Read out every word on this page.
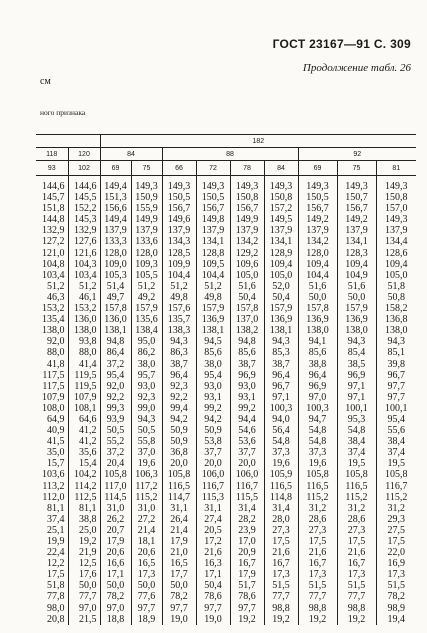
ГОСТ 23167—91 С. 309
Продолжение табл. 26
см
ного признака
		182								
118	120	84		88				92		
93	102	69	75	66	72	78	84	69	75	81
144,6	144,6	149,4	149,3	149,3	149,3	149,3	149,3	149,3	149,3	149,3
145,7	145,5	151,3	150,9	150,5	150,5	150,8	150,8	150,5	150,7	150,8
151,8	152,2	156,6	155,9	156,7	156,7	156,7	157,2	156,7	156,7	157,0
144,8	145,3	149,4	149,9	149,6	149,8	149,9	149,5	149,2	149,2	149,3
132,9	132,9	137,9	137,9	137,9	137,9	137,9	137,9	137,9	137,9	137,9
127,2	127,6	133,3	133,6	134,3	134,1	134,2	134,1	134,2	134,1	134,4
121,0	121,6	128,0	128,0	128,5	128,8	129,2	128,9	128,0	128,3	128,6
104,8	104,3	109,0	109,3	109,9	109,5	109,6	109,4	109,4	109,4	109,4
103,4	103,4	105,3	105,5	104,4	104,4	105,0	105,0	104,4	104,9	105,0
51,2	51,2	51,4	51,2	51,2	51,2	51,6	52,0	51,6	51,6	51,8
46,3	46,1	49,7	49,2	49,8	49,8	50,4	50,4	50,0	50,0	50,8
153,2	153,2	157,8	157,9	157,6	157,9	157,8	157,9	157,8	157,9	158,2
135,4	136,0	136,0	135,6	135,7	136,9	137,0	136,9	136,9	136,9	136,8
138,0	138,0	138,1	138,4	138,3	138,1	138,2	138,1	138,0	138,0	138,0
92,0	93,8	94,8	95,0	94,3	94,5	94,8	94,3	94,1	94,3	94,3
88,0	88,0	86,4	86,2	86,3	85,6	85,6	85,3	85,6	85,4	85,1
41,8	41,4	37,2	38,0	38,7	38,0	38,7	38,7	38,8	38,5	39,8
117,5	119,5	95,4	95,7	96,4	95,4	96,9	96,4	96,4	96,9	96,7
117,5	119,5	92,0	93,0	92,3	93,0	93,0	96,7	96,9	97,1	97,7
107,9	107,9	92,2	92,3	92,2	93,1	93,1	97,1	97,0	97,1	97,7
108,0	108,1	99,3	99,0	99,4	99,2	99,2	100,3	100,3	100,1	100,1
64,9	64,6	93,9	94,3	94,2	94,2	94,4	94,0	94,7	95,3	95,4
40,9	41,2	50,5	50,5	50,9	50,9	54,6	56,4	54,8	54,8	55,6
41,5	41,2	55,2	55,8	50,9	53,8	53,6	54,8	54,8	38,4	38,4
35,0	35,6	37,2	37,0	36,8	37,7	37,7	37,3	37,3	37,4	37,4
15,7	15,4	20,4	19,6	20,0	20,0	20,0	19,6	19,6	19,5	19,5
103,6	104,2	105,8	106,3	105,8	106,0	106,0	105,9	105,8	105,8	105,8
113,2	114,2	117,0	117,2	116,5	116,7	116,7	116,5	116,5	116,5	116,7
112,0	112,5	114,5	115,2	114,7	115,3	115,5	114,8	115,2	115,2	115,2
81,1	81,1	31,0	31,0	31,1	31,1	31,4	31,4	31,2	31,2	31,2
37,4	38,8	26,2	27,2	26,4	27,4	28,2	28,0	28,6	28,6	29,3
25,1	25,0	20,7	21,4	21,4	20,5	23,9	27,3	27,3	27,3	27,5
19,9	19,2	17,9	18,1	17,9	17,2	17,0	17,5	17,5	17,5	17,5
22,4	21,9	20,6	20,6	21,0	21,6	20,9	21,6	21,6	21,6	22,0
12,2	12,5	16,6	16,5	16,5	16,3	16,7	16,7	16,7	16,7	16,9
17,5	17,6	17,1	17,3	17,7	17,1	17,9	17,3	17,3	17,3	17,3
51,8	50,0	50,0	50,0	50,0	50,4	51,7	51,5	51,5	51,5	51,5
77,8	77,7	78,2	77,6	78,2	78,6	78,6	77,7	77,7	77,7	78,2
98,0	97,0	97,0	97,7	97,7	97,7	97,7	98,8	98,8	98,8	98,9
20,8	21,5	18,8	18,9	19,0	19,0	19,2	19,2	19,2	19,2	19,4
